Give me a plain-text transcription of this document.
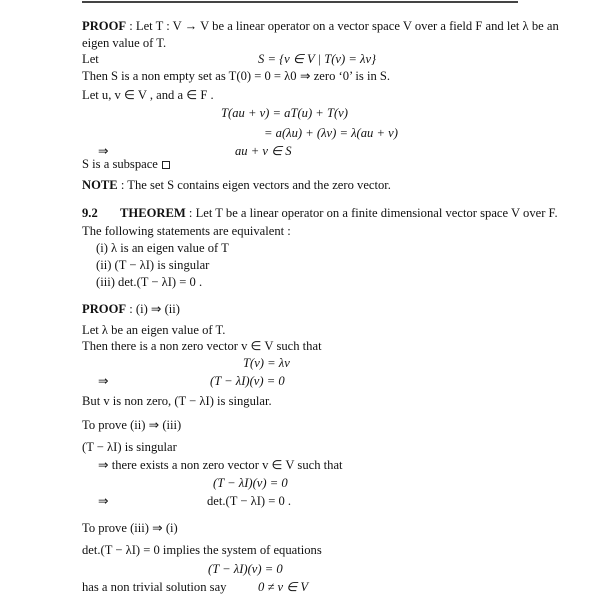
PROOF : Let T : V → V be a linear operator on a vector space V over a field F and let λ be an
eigen value of T.
Let	S = {v ∈ V | T(v) = λv}
Then S is a non empty set as T(0) = 0 = λ0 ⇒ zero ‘0’ is in S.
Let u, v ∈ V , and a ∈ F .
T(au + v) = aT(u) + T(v)
= a(λu) + (λv) = λ(au + v)
⇒	au + v ∈ S
S is a subspace
NOTE : The set S contains eigen vectors and the zero vector.
9.2 THEOREM : Let T be a linear operator on a finite dimensional vector space V over F.
The following statements are equivalent :
(i) λ is an eigen value of T
(ii) (T − λI) is singular
(iii) det.(T − λI) = 0 .
PROOF : (i) ⇒ (ii)
Let λ be an eigen value of T.
Then there is a non zero vector v ∈ V such that
T(v) = λv
⇒	(T − λI)(v) = 0
But v is non zero, (T − λI) is singular.
To prove (ii) ⇒ (iii)
(T − λI) is singular
⇒ there exists a non zero vector v ∈ V such that
(T − λI)(v) = 0
⇒	det.(T − λI) = 0 .
To prove (iii) ⇒ (i)
det.(T − λI) = 0 implies the system of equations
(T − λI)(v) = 0
has a non trivial solution say	0 ≠ v ∈ V
